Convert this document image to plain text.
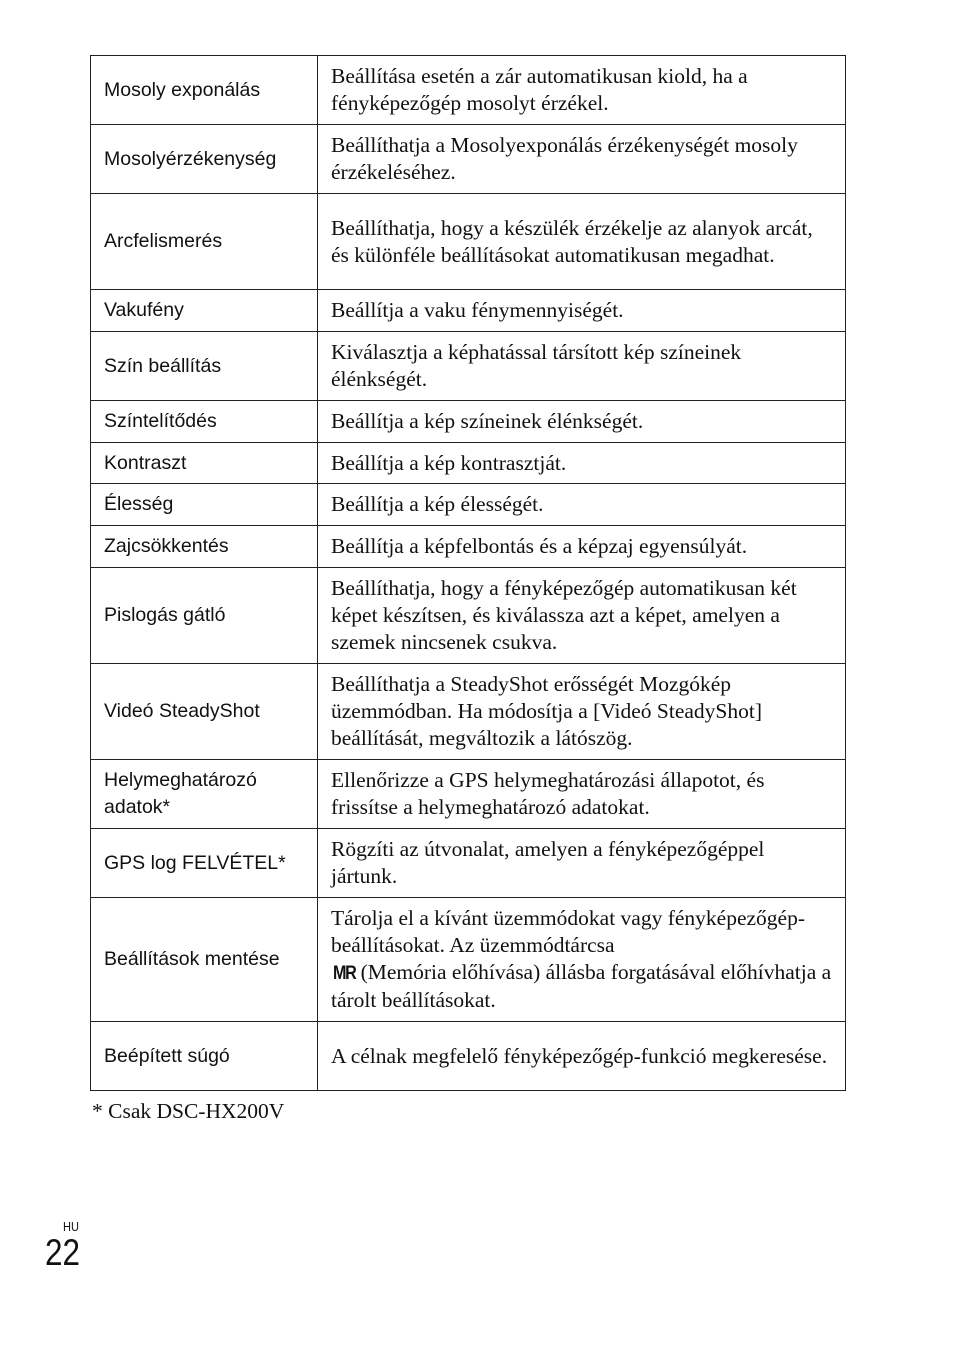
Mosoly exponálás	Beállítása esetén a zár automatikusan kiold, ha a fényképezőgép mosolyt érzékel.
Mosolyérzékenység	Beállíthatja a Mosolyexponálás érzékenységét mosoly érzékeléséhez.
Arcfelismerés	Beállíthatja, hogy a készülék érzékelje az alanyok arcát, és különféle beállításokat automatikusan megadhat.
Vakufény	Beállítja a vaku fénymennyiségét.
Szín beállítás	Kiválasztja a képhatással társított kép színeinek élénkségét.
Színtelítődés	Beállítja a kép színeinek élénkségét.
Kontraszt	Beállítja a kép kontrasztját.
Élesség	Beállítja a kép élességét.
Zajcsökkentés	Beállítja a képfelbontás és a képzaj egyensúlyát.
Pislogás gátló	Beállíthatja, hogy a fényképezőgép automatikusan két képet készítsen, és kiválassza azt a képet, amelyen a szemek nincsenek csukva.
Videó SteadyShot	Beállíthatja a SteadyShot erősségét Mozgókép üzemmódban. Ha módosítja a [Videó SteadyShot] beállítását, megváltozik a látószög.
Helymeghatározó adatok*	Ellenőrizze a GPS helymeghatározási állapotot, és frissítse a helymeghatározó adatokat.
GPS log FELVÉTEL*	Rögzíti az útvonalat, amelyen a fényképezőgéppel jártunk.
Beállítások mentése	Tárolja el a kívánt üzemmódokat vagy fényképezőgép-beállításokat. Az üzemmódtárcsa
MR (Memória előhívása) állásba forgatásával előhívhatja a tárolt beállításokat.
Beépített súgó	A célnak megfelelő fényképezőgép-funkció megkeresése.
* Csak DSC-HX200V
HU
22
